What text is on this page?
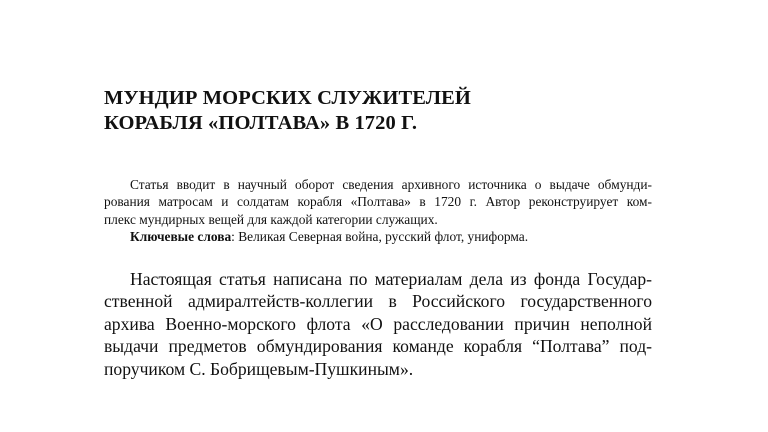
МУНДИР МОРСКИХ СЛУЖИТЕЛЕЙ
КОРАБЛЯ «ПОЛТАВА» В 1720 Г.
Статья вводит в научный оборот сведения архивного источника о выдаче обмунди-
рования матросам и солдатам корабля «Полтава» в 1720 г. Автор реконструирует ком-
плекс мундирных вещей для каждой категории служащих.
Ключевые слова: Великая Северная война, русский флот, униформа.
Настоящая статья написана по материалам дела из фонда Государ-
ственной адмиралтейств-коллегии в Российского государственного
архива Военно-морского флота «О расследовании причин неполной
выдачи предметов обмундирования команде корабля “Полтава” под-
поручиком С. Бобрищевым-Пушкиным».
